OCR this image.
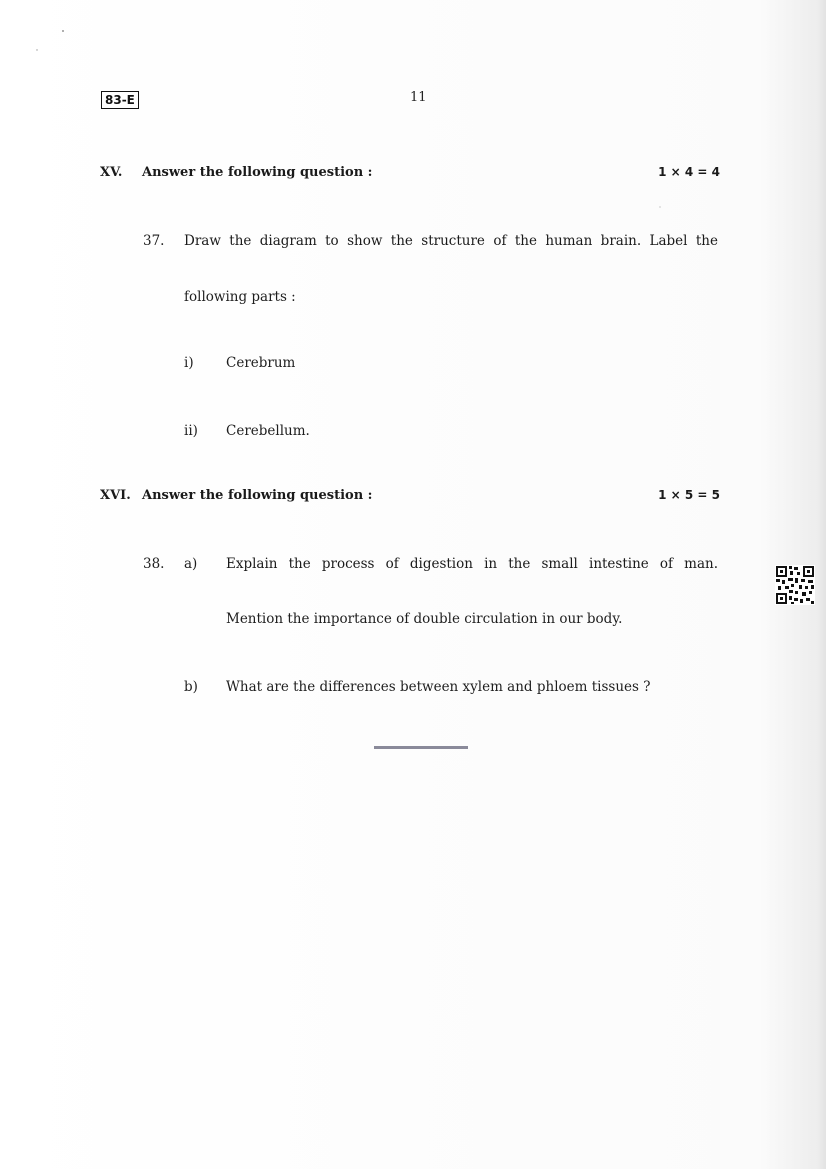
83-E	11
XV. Answer the following question :	1 × 4 = 4
37. Draw the diagram to show the structure of the human brain. Label the
following parts :
i) Cerebrum
ii) Cerebellum.
XVI. Answer the following question :	1 × 5 = 5
38. a) Explain the process of digestion in the small intestine of man.
Mention the importance of double circulation in our body.
b) What are the differences between xylem and phloem tissues ?
